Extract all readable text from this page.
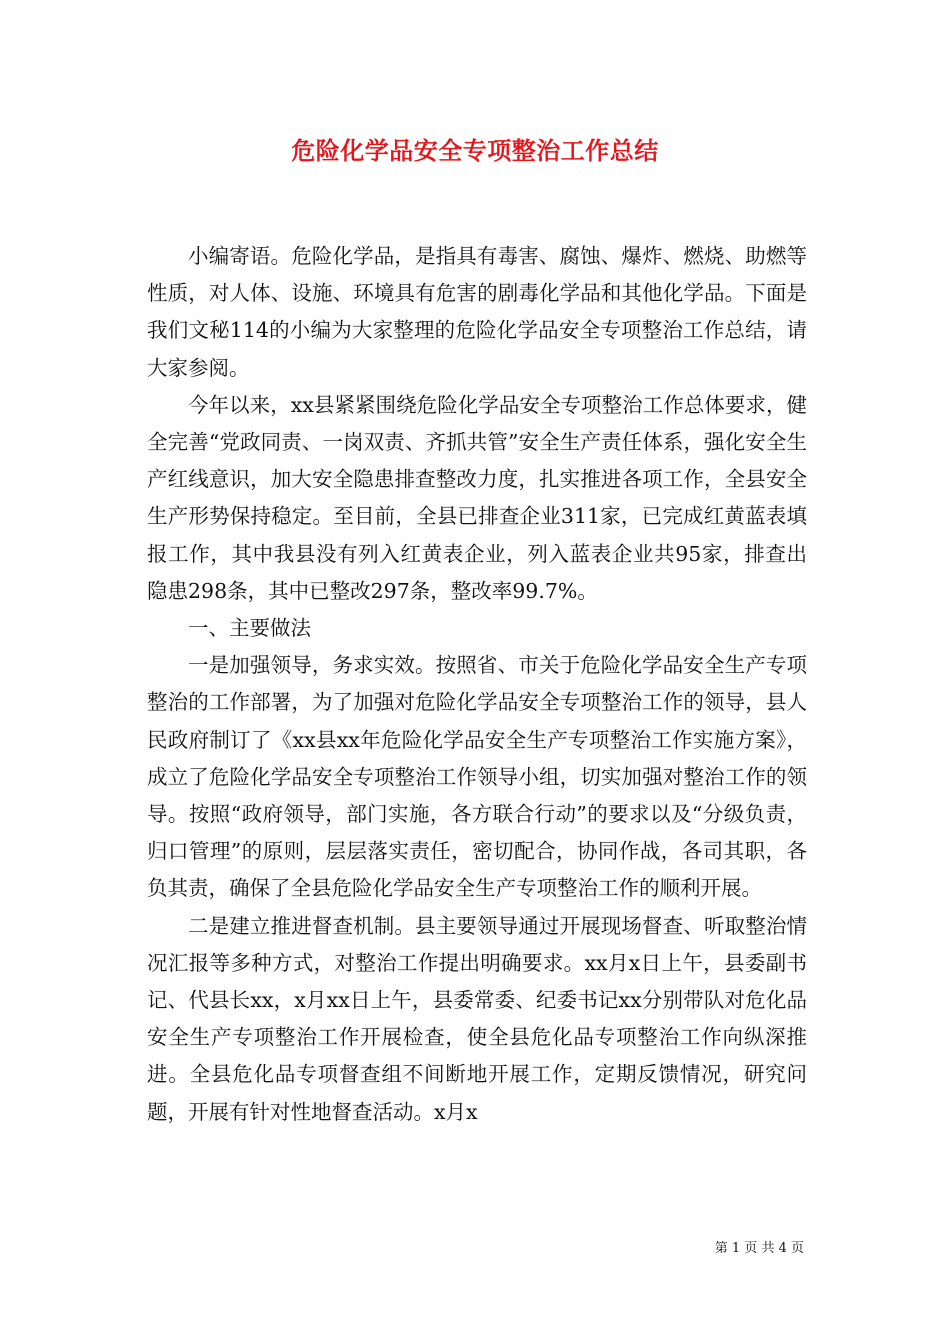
危险化学品安全专项整治工作总结

小编寄语。危险化学品，是指具有毒害、腐蚀、爆炸、燃烧、助燃等性质，对人体、设施、环境具有危害的剧毒化学品和其他化学品。下面是我们文秘114的小编为大家整理的危险化学品安全专项整治工作总结，请大家参阅。

今年以来，xx县紧紧围绕危险化学品安全专项整治工作总体要求，健全完善“党政同责、一岗双责、齐抓共管”安全生产责任体系，强化安全生产红线意识，加大安全隐患排查整改力度，扎实推进各项工作，全县安全生产形势保持稳定。至目前，全县已排查企业311家，已完成红黄蓝表填报工作，其中我县没有列入红黄表企业，列入蓝表企业共95家，排查出隐患298条，其中已整改297条，整改率99.7%。

一、主要做法

一是加强领导，务求实效。按照省、市关于危险化学品安全生产专项整治的工作部署，为了加强对危险化学品安全专项整治工作的领导，县人民政府制订了《xx县xx年危险化学品安全生产专项整治工作实施方案》，成立了危险化学品安全专项整治工作领导小组，切实加强对整治工作的领导。按照“政府领导，部门实施，各方联合行动”的要求以及“分级负责，归口管理”的原则，层层落实责任，密切配合，协同作战，各司其职，各负其责，确保了全县危险化学品安全生产专项整治工作的顺利开展。

二是建立推进督查机制。县主要领导通过开展现场督查、听取整治情况汇报等多种方式，对整治工作提出明确要求。xx月x日上午，县委副书记、代县长xx，x月xx日上午，县委常委、纪委书记xx分别带队对危化品安全生产专项整治工作开展检查，使全县危化品专项整治工作向纵深推进。全县危化品专项督查组不间断地开展工作，定期反馈情况，研究问题，开展有针对性地督查活动。x月x

第 1 页 共 4 页
